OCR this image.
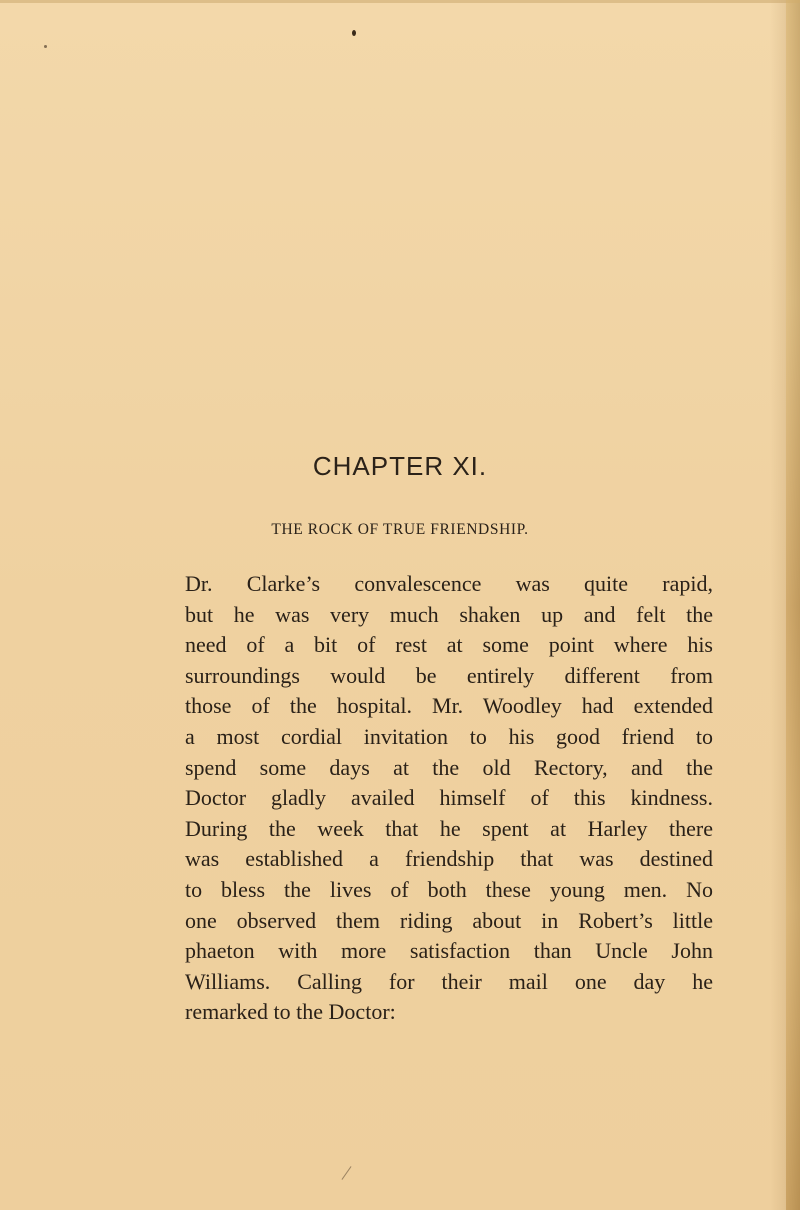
CHAPTER XI.
THE ROCK OF TRUE FRIENDSHIP.
Dr. Clarke’s convalescence was quite rapid,
but he was very much shaken up and felt the
need of a bit of rest at some point where his
surroundings would be entirely different from
those of the hospital. Mr. Woodley had extended
a most cordial invitation to his good friend to
spend some days at the old Rectory, and the
Doctor gladly availed himself of this kindness.
During the week that he spent at Harley there
was established a friendship that was destined
to bless the lives of both these young men. No
one observed them riding about in Robert’s little
phaeton with more satisfaction than Uncle John
Williams. Calling for their mail one day he
remarked to the Doctor:
